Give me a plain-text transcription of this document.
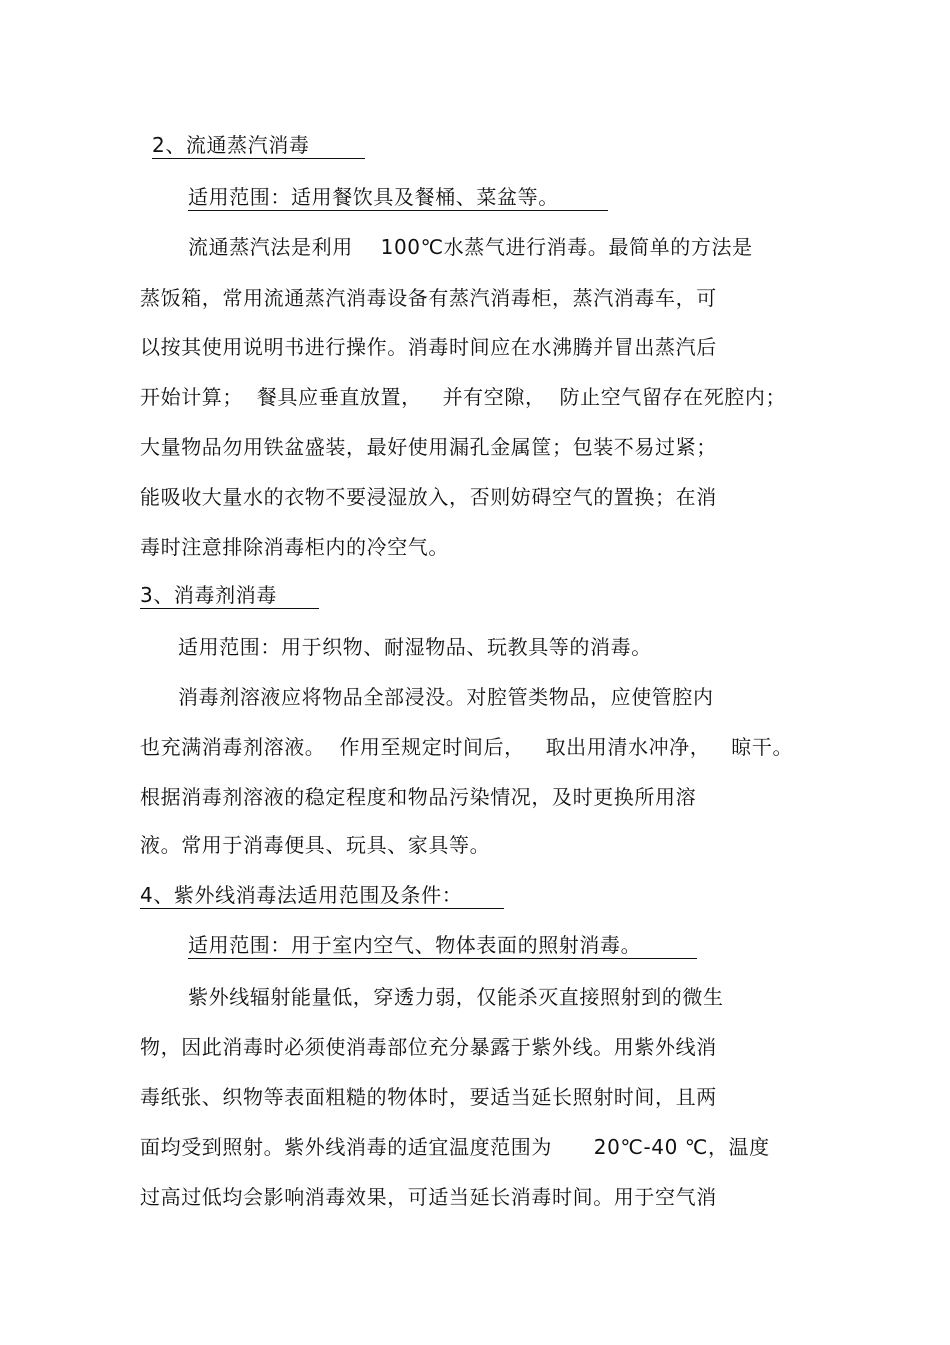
2、流通蒸汽消毒
适用范围：适用餐饮具及餐桶、菜盆等。
流通蒸汽法是利用    100℃水蒸气进行消毒。最简单的方法是
蒸饭箱，常用流通蒸汽消毒设备有蒸汽消毒柜，蒸汽消毒车，可
以按其使用说明书进行操作。消毒时间应在水沸腾并冒出蒸汽后
开始计算；  餐具应垂直放置，   并有空隙，  防止空气留存在死腔内；
大量物品勿用铁盆盛装，最好使用漏孔金属筐；包装不易过紧；
能吸收大量水的衣物不要浸湿放入，否则妨碍空气的置换；在消
毒时注意排除消毒柜内的冷空气。
3、消毒剂消毒
适用范围：用于织物、耐湿物品、玩教具等的消毒。
消毒剂溶液应将物品全部浸没。对腔管类物品，应使管腔内
也充满消毒剂溶液。  作用至规定时间后，   取出用清水冲净，   晾干。
根据消毒剂溶液的稳定程度和物品污染情况，及时更换所用溶
液。常用于消毒便具、玩具、家具等。
4、紫外线消毒法适用范围及条件：
适用范围：用于室内空气、物体表面的照射消毒。
紫外线辐射能量低，穿透力弱，仅能杀灭直接照射到的微生
物，因此消毒时必须使消毒部位充分暴露于紫外线。用紫外线消
毒纸张、织物等表面粗糙的物体时，要适当延长照射时间，且两
面均受到照射。紫外线消毒的适宜温度范围为      20℃-40 ℃，温度
过高过低均会影响消毒效果，可适当延长消毒时间。用于空气消
